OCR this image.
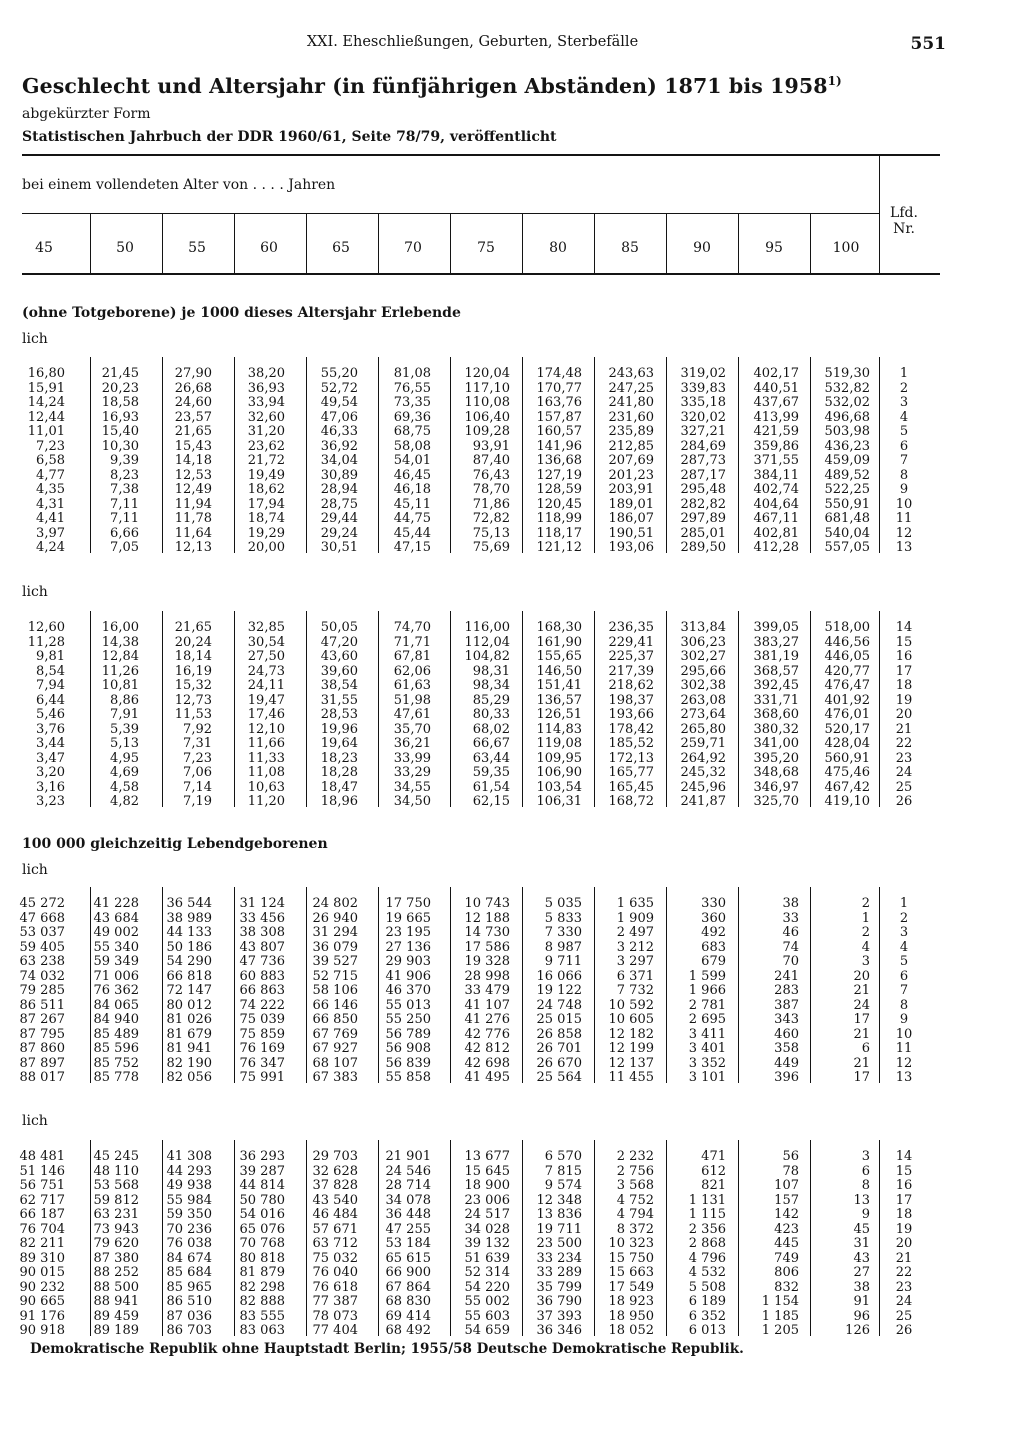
XXI. Eheschließungen, Geburten, Sterbefälle	551
Geschlecht und Altersjahr (in fünfjährigen Abständen) 1871 bis 1958$^{1)}$
abgekürzter Form
Statistischen Jahrbuch der DDR 1960/61, Seite 78/79, veröffentlicht
bei einem vollendeten Alter von . . . . Jahren
45	50	55	60	65	70	75	80	85	90	95	100
Lfd.
Nr.
(ohne Totgeborene) je 1000 dieses Altersjahr Erlebende
lich
lich
100 000 gleichzeitig Lebendgeborenen
lich
lich
16,80	21,45	27,90	38,20	55,20	81,08	120,04	174,48	243,63	319,02	402,17	519,30	1
15,91	20,23	26,68	36,93	52,72	76,55	117,10	170,77	247,25	339,83	440,51	532,82	2
14,24	18,58	24,60	33,94	49,54	73,35	110,08	163,76	241,80	335,18	437,67	532,02	3
12,44	16,93	23,57	32,60	47,06	69,36	106,40	157,87	231,60	320,02	413,99	496,68	4
11,01	15,40	21,65	31,20	46,33	68,75	109,28	160,57	235,89	327,21	421,59	503,98	5
7,23	10,30	15,43	23,62	36,92	58,08	93,91	141,96	212,85	284,69	359,86	436,23	6
6,58	9,39	14,18	21,72	34,04	54,01	87,40	136,68	207,69	287,73	371,55	459,09	7
4,77	8,23	12,53	19,49	30,89	46,45	76,43	127,19	201,23	287,17	384,11	489,52	8
4,35	7,38	12,49	18,62	28,94	46,18	78,70	128,59	203,91	295,48	402,74	522,25	9
4,31	7,11	11,94	17,94	28,75	45,11	71,86	120,45	189,01	282,82	404,64	550,91	10
4,41	7,11	11,78	18,74	29,44	44,75	72,82	118,99	186,07	297,89	467,11	681,48	11
3,97	6,66	11,64	19,29	29,24	45,44	75,13	118,17	190,51	285,01	402,81	540,04	12
4,24	7,05	12,13	20,00	30,51	47,15	75,69	121,12	193,06	289,50	412,28	557,05	13
12,60	16,00	21,65	32,85	50,05	74,70	116,00	168,30	236,35	313,84	399,05	518,00	14
11,28	14,38	20,24	30,54	47,20	71,71	112,04	161,90	229,41	306,23	383,27	446,56	15
9,81	12,84	18,14	27,50	43,60	67,81	104,82	155,65	225,37	302,27	381,19	446,05	16
8,54	11,26	16,19	24,73	39,60	62,06	98,31	146,50	217,39	295,66	368,57	420,77	17
7,94	10,81	15,32	24,11	38,54	61,63	98,34	151,41	218,62	302,38	392,45	476,47	18
6,44	8,86	12,73	19,47	31,55	51,98	85,29	136,57	198,37	263,08	331,71	401,92	19
5,46	7,91	11,53	17,46	28,53	47,61	80,33	126,51	193,66	273,64	368,60	476,01	20
3,76	5,39	7,92	12,10	19,96	35,70	68,02	114,83	178,42	265,80	380,32	520,17	21
3,44	5,13	7,31	11,66	19,64	36,21	66,67	119,08	185,52	259,71	341,00	428,04	22
3,47	4,95	7,23	11,33	18,23	33,99	63,44	109,95	172,13	264,92	395,20	560,91	23
3,20	4,69	7,06	11,08	18,28	33,29	59,35	106,90	165,77	245,32	348,68	475,46	24
3,16	4,58	7,14	10,63	18,47	34,55	61,54	103,54	165,45	245,96	346,97	467,42	25
3,23	4,82	7,19	11,20	18,96	34,50	62,15	106,31	168,72	241,87	325,70	419,10	26
45 272	41 228	36 544	31 124	24 802	17 750	10 743	5 035	1 635	330	38	2	1
47 668	43 684	38 989	33 456	26 940	19 665	12 188	5 833	1 909	360	33	1	2
53 037	49 002	44 133	38 308	31 294	23 195	14 730	7 330	2 497	492	46	2	3
59 405	55 340	50 186	43 807	36 079	27 136	17 586	8 987	3 212	683	74	4	4
63 238	59 349	54 290	47 736	39 527	29 903	19 328	9 711	3 297	679	70	3	5
74 032	71 006	66 818	60 883	52 715	41 906	28 998	16 066	6 371	1 599	241	20	6
79 285	76 362	72 147	66 863	58 106	46 370	33 479	19 122	7 732	1 966	283	21	7
86 511	84 065	80 012	74 222	66 146	55 013	41 107	24 748	10 592	2 781	387	24	8
87 267	84 940	81 026	75 039	66 850	55 250	41 276	25 015	10 605	2 695	343	17	9
87 795	85 489	81 679	75 859	67 769	56 789	42 776	26 858	12 182	3 411	460	21	10
87 860	85 596	81 941	76 169	67 927	56 908	42 812	26 701	12 199	3 401	358	6	11
87 897	85 752	82 190	76 347	68 107	56 839	42 698	26 670	12 137	3 352	449	21	12
88 017	85 778	82 056	75 991	67 383	55 858	41 495	25 564	11 455	3 101	396	17	13
48 481	45 245	41 308	36 293	29 703	21 901	13 677	6 570	2 232	471	56	3	14
51 146	48 110	44 293	39 287	32 628	24 546	15 645	7 815	2 756	612	78	6	15
56 751	53 568	49 938	44 814	37 828	28 714	18 900	9 574	3 568	821	107	8	16
62 717	59 812	55 984	50 780	43 540	34 078	23 006	12 348	4 752	1 131	157	13	17
66 187	63 231	59 350	54 016	46 484	36 448	24 517	13 836	4 794	1 115	142	9	18
76 704	73 943	70 236	65 076	57 671	47 255	34 028	19 711	8 372	2 356	423	45	19
82 211	79 620	76 038	70 768	63 712	53 184	39 132	23 500	10 323	2 868	445	31	20
89 310	87 380	84 674	80 818	75 032	65 615	51 639	33 234	15 750	4 796	749	43	21
90 015	88 252	85 684	81 879	76 040	66 900	52 314	33 289	15 663	4 532	806	27	22
90 232	88 500	85 965	82 298	76 618	67 864	54 220	35 799	17 549	5 508	832	38	23
90 665	88 941	86 510	82 888	77 387	68 830	55 002	36 790	18 923	6 189	1 154	91	24
91 176	89 459	87 036	83 555	78 073	69 414	55 603	37 393	18 950	6 352	1 185	96	25
90 918	89 189	86 703	83 063	77 404	68 492	54 659	36 346	18 052	6 013	1 205	126	26
Demokratische Republik ohne Hauptstadt Berlin; 1955/58 Deutsche Demokratische Republik.
